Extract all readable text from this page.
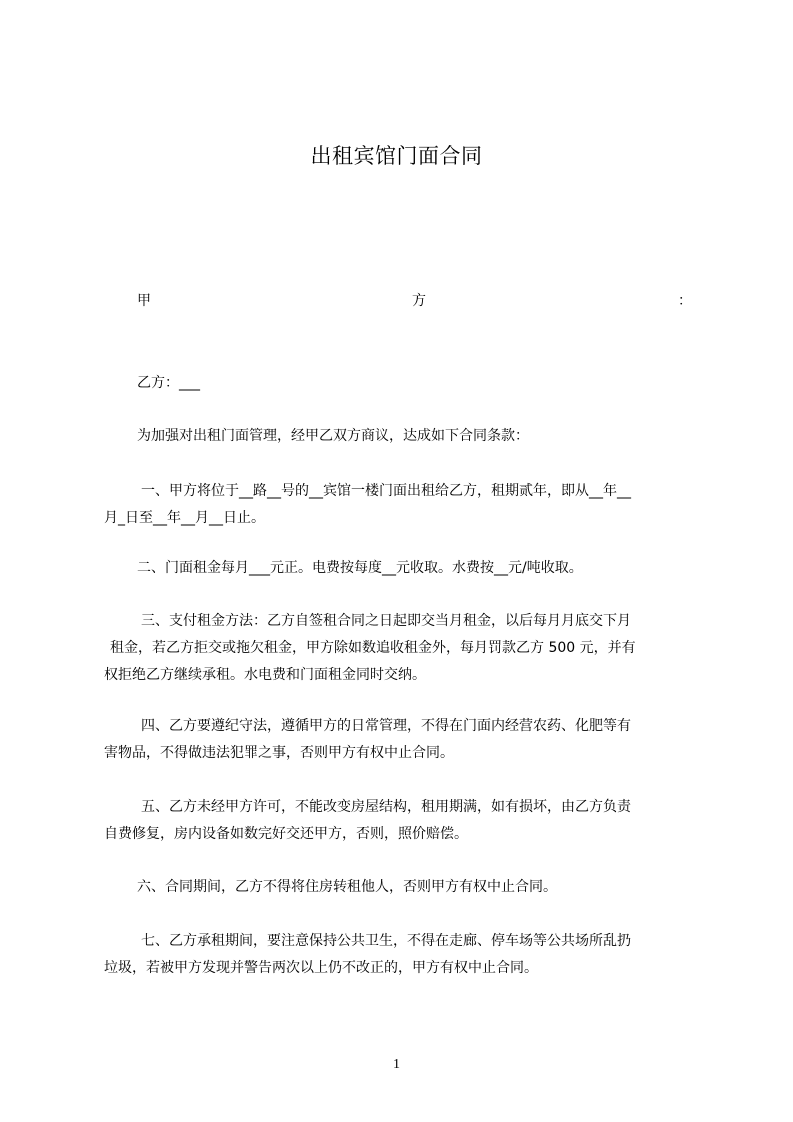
出租宾馆门面合同
甲	方	：
乙方：___
为加强对出租门面管理，经甲乙双方商议，达成如下合同条款：
一、甲方将位于__路__号的__宾馆一楼门面出租给乙方，租期贰年，即从__年__
月_日至__年__月__日止。
二、门面租金每月___元正。电费按每度__元收取。水费按__元/吨收取。
三、支付租金方法：乙方自签租合同之日起即交当月租金，以后每月月底交下月
租金，若乙方拒交或拖欠租金，甲方除如数追收租金外，每月罚款乙方 500 元，并有
权拒绝乙方继续承租。水电费和门面租金同时交纳。
四、乙方要遵纪守法，遵循甲方的日常管理，不得在门面内经营农药、化肥等有
害物品，不得做违法犯罪之事，否则甲方有权中止合同。
五、乙方未经甲方许可，不能改变房屋结构，租用期满，如有损坏，由乙方负责
自费修复，房内设备如数完好交还甲方，否则，照价赔偿。
六、合同期间，乙方不得将住房转租他人，否则甲方有权中止合同。
七、乙方承租期间，要注意保持公共卫生，不得在走廊、停车场等公共场所乱扔
垃圾，若被甲方发现并警告两次以上仍不改正的，甲方有权中止合同。
1
